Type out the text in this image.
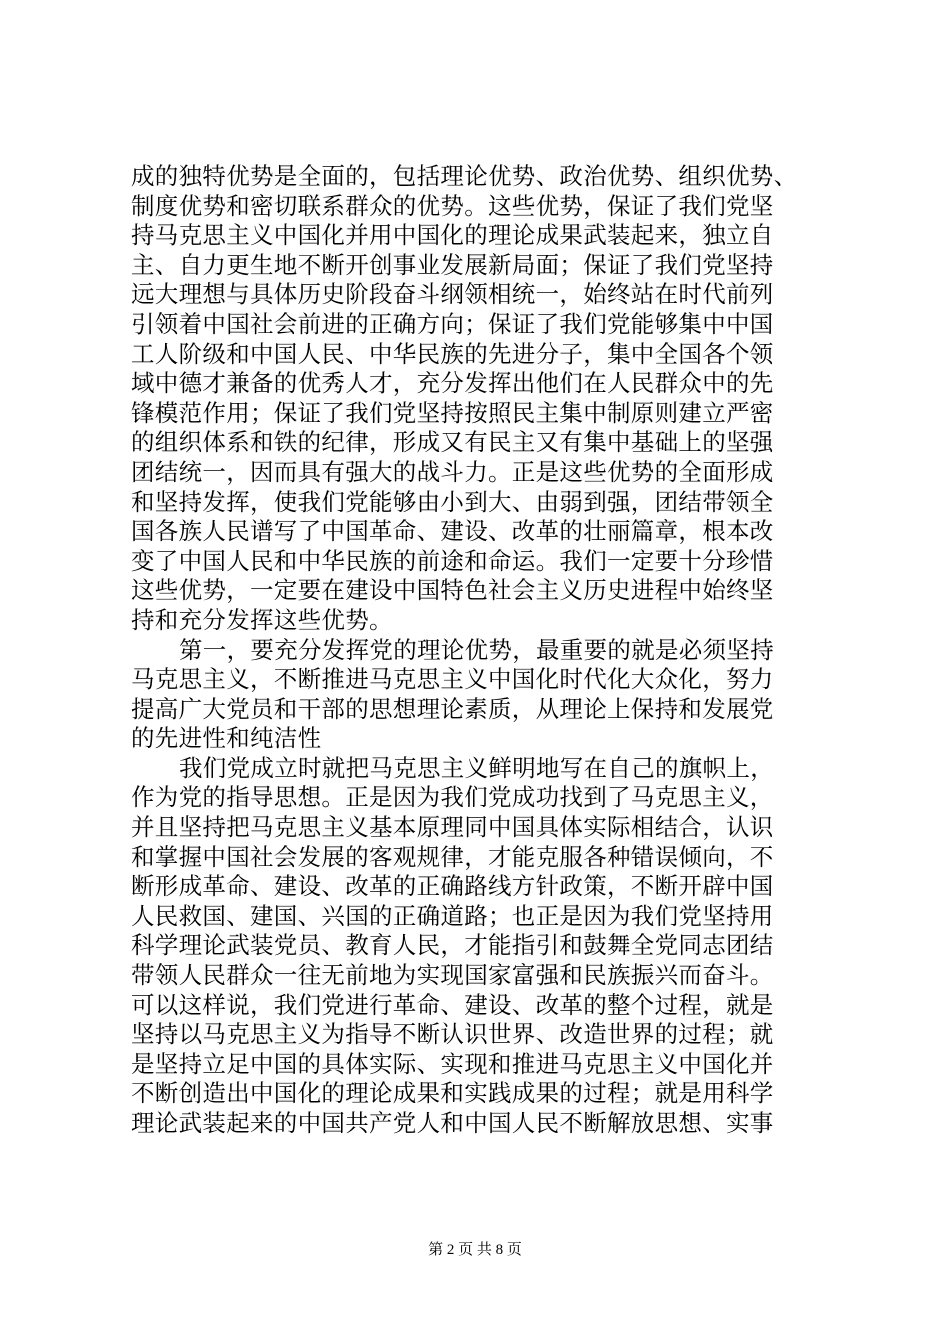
成的独特优势是全面的，包括理论优势、政治优势、组织优势、
制度优势和密切联系群众的优势。这些优势，保证了我们党坚
持马克思主义中国化并用中国化的理论成果武装起来，独立自
主、自力更生地不断开创事业发展新局面；保证了我们党坚持
远大理想与具体历史阶段奋斗纲领相统一，始终站在时代前列
引领着中国社会前进的正确方向；保证了我们党能够集中中国
工人阶级和中国人民、中华民族的先进分子，集中全国各个领
域中德才兼备的优秀人才，充分发挥出他们在人民群众中的先
锋模范作用；保证了我们党坚持按照民主集中制原则建立严密
的组织体系和铁的纪律，形成又有民主又有集中基础上的坚强
团结统一，因而具有强大的战斗力。正是这些优势的全面形成
和坚持发挥，使我们党能够由小到大、由弱到强，团结带领全
国各族人民谱写了中国革命、建设、改革的壮丽篇章，根本改
变了中国人民和中华民族的前途和命运。我们一定要十分珍惜
这些优势，一定要在建设中国特色社会主义历史进程中始终坚
持和充分发挥这些优势。
第一，要充分发挥党的理论优势，最重要的就是必须坚持
马克思主义，不断推进马克思主义中国化时代化大众化，努力
提高广大党员和干部的思想理论素质，从理论上保持和发展党
的先进性和纯洁性
我们党成立时就把马克思主义鲜明地写在自己的旗帜上，
作为党的指导思想。正是因为我们党成功找到了马克思主义，
并且坚持把马克思主义基本原理同中国具体实际相结合，认识
和掌握中国社会发展的客观规律，才能克服各种错误倾向，不
断形成革命、建设、改革的正确路线方针政策，不断开辟中国
人民救国、建国、兴国的正确道路；也正是因为我们党坚持用
科学理论武装党员、教育人民，才能指引和鼓舞全党同志团结
带领人民群众一往无前地为实现国家富强和民族振兴而奋斗。
可以这样说，我们党进行革命、建设、改革的整个过程，就是
坚持以马克思主义为指导不断认识世界、改造世界的过程；就
是坚持立足中国的具体实际、实现和推进马克思主义中国化并
不断创造出中国化的理论成果和实践成果的过程；就是用科学
理论武装起来的中国共产党人和中国人民不断解放思想、实事
第 2 页 共 8 页
